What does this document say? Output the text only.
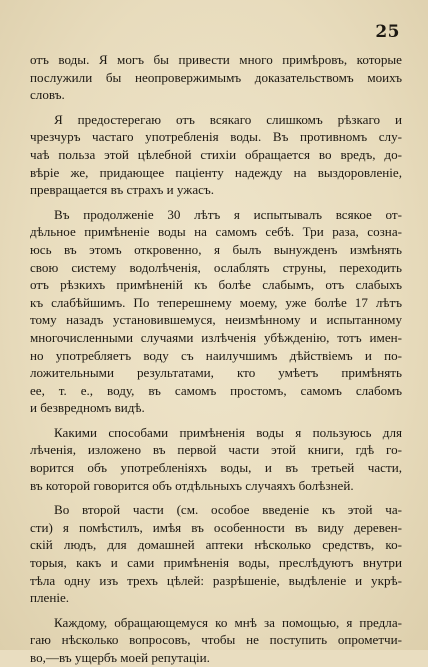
25
отъ воды. Я могъ бы привести много примѣровъ, которые
послужили бы неопровержимымъ доказательствомъ моихъ
словъ.
Я предостерегаю отъ всякаго слишкомъ рѣзкаго и
чрезчуръ частаго употребленія воды. Въ противномъ слу-
чаѣ польза этой цѣлебной стихіи обращается во вредъ, до-
вѣріе же, придающее паціенту надежду на выздоровленіе,
превращается въ страхъ и ужасъ.
Въ продолженіе 30 лѣтъ я испытывалъ всякое от-
дѣльное примѣненіе воды на самомъ себѣ. Три раза, созна-
юсь въ этомъ откровенно, я былъ вынужденъ измѣнять
свою систему водолѣченія, ослаблять струны, переходить
отъ рѣзкихъ примѣненій къ болѣе слабымъ, отъ слабыхъ
къ слабѣйшимъ. По теперешнему моему, уже болѣе 17 лѣтъ
тому назадъ установившемуся, неизмѣнному и испытанному
многочисленными случаями излѣченія убѣжденію, тотъ имен-
но употребляетъ воду съ наилучшимъ дѣйствіемъ и по-
ложительными результатами, кто умѣетъ примѣнять
ее, т. е., воду, въ самомъ простомъ, самомъ слабомъ
и безвредномъ видѣ.
Какими способами примѣненія воды я пользуюсь для
лѣченія, изложено въ первой части этой книги, гдѣ го-
ворится объ употребленіяхъ воды, и въ третьей части,
въ которой говорится объ отдѣльныхъ случаяхъ болѣзней.
Во второй части (см. особое введеніе къ этой ча-
сти) я помѣстилъ, имѣя въ особенности въ виду деревен-
скій людъ, для домашней аптеки нѣсколько средствъ, ко-
торыя, какъ и сами примѣненія воды, преслѣдуютъ внутри
тѣла одну изъ трехъ цѣлей: разрѣшеніе, выдѣленіе и укрѣ-
пленіе.
Каждому, обращающемуся ко мнѣ за помощью, я предла-
гаю нѣсколько вопросовъ, чтобы не поступить опрометчи-
во,—въ ущербъ моей репутаціи.
